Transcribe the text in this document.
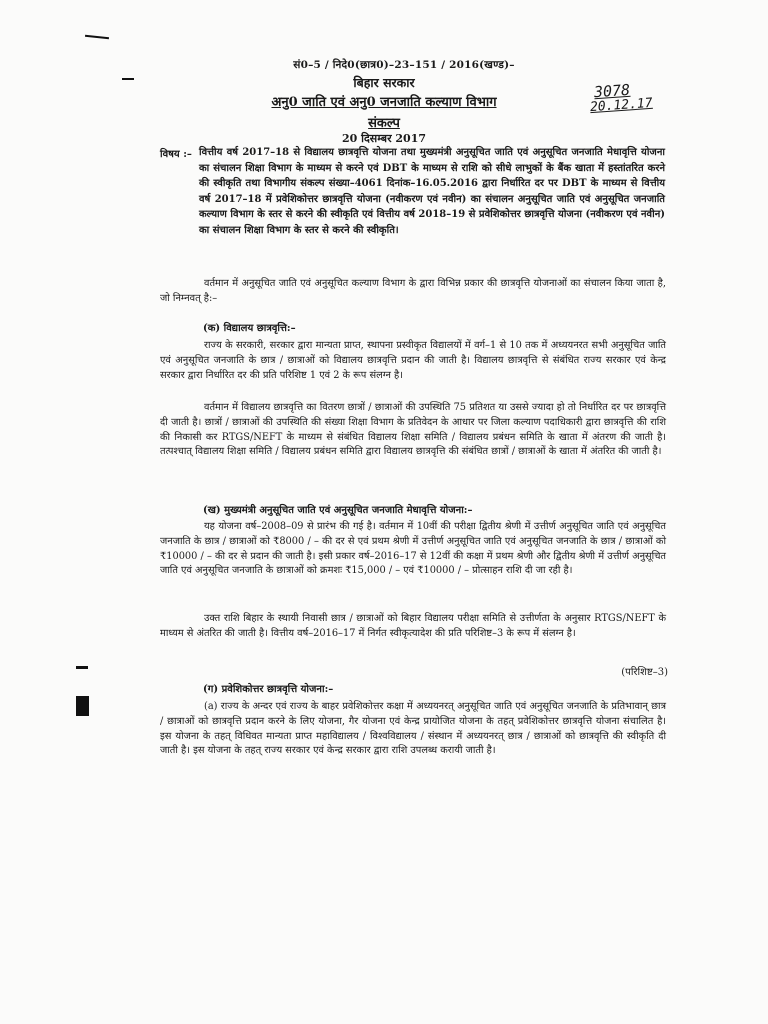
सं0–5 / निदे0(छात्र0)–23–151 / 2016(खण्ड)–
बिहार सरकार
अनु0 जाति एवं अनु0 जनजाति कल्याण विभाग
संकल्प
20 दिसम्बर 2017
3078
20.12.17
विषय :– वित्तीय वर्ष 2017–18 से विद्यालय छात्रवृत्ति योजना तथा मुख्यमंत्री अनुसूचित जाति एवं अनुसूचित जनजाति मेधावृत्ति योजना का संचालन शिक्षा विभाग के माध्यम से करने एवं DBT के माध्यम से राशि को सीधे लाभुकों के बैंक खाता में हस्तांतरित करने की स्वीकृति तथा विभागीय संकल्प संख्या–4061 दिनांक–16.05.2016 द्वारा निर्धारित दर पर DBT के माध्यम से वित्तीय वर्ष 2017–18 में प्रवेशिकोत्तर छात्रवृत्ति योजना (नवीकरण एवं नवीन) का संचालन अनुसूचित जाति एवं अनुसूचित जनजाति कल्याण विभाग के स्तर से करने की स्वीकृति एवं वित्तीय वर्ष 2018–19 से प्रवेशिकोत्तर छात्रवृत्ति योजना (नवीकरण एवं नवीन) का संचालन शिक्षा विभाग के स्तर से करने की स्वीकृति।
वर्तमान में अनुसूचित जाति एवं अनुसूचित कल्याण विभाग के द्वारा विभिन्न प्रकार की छात्रवृत्ति योजनाओं का संचालन किया जाता है, जो निम्नवत् है:–
(क) विद्यालय छात्रवृत्ति:–
राज्य के सरकारी, सरकार द्वारा मान्यता प्राप्त, स्थापना प्रस्वीकृत विद्यालयों में वर्ग–1 से 10 तक में अध्ययनरत सभी अनुसूचित जाति एवं अनुसूचित जनजाति के छात्र / छात्राओं को विद्यालय छात्रवृत्ति प्रदान की जाती है। विद्यालय छात्रवृत्ति से संबंधित राज्य सरकार एवं केन्द्र सरकार द्वारा निर्धारित दर की प्रति परिशिष्ट 1 एवं 2 के रूप संलग्न है।
वर्तमान में विद्यालय छात्रवृत्ति का वितरण छात्रों / छात्राओं की उपस्थिति 75 प्रतिशत या उससे ज्यादा हो तो निर्धारित दर पर छात्रवृत्ति दी जाती है। छात्रों / छात्राओं की उपस्थिति की संख्या शिक्षा विभाग के प्रतिवेदन के आधार पर जिला कल्याण पदाधिकारी द्वारा छात्रवृत्ति की राशि की निकासी कर RTGS/NEFT के माध्यम से संबंधित विद्यालय शिक्षा समिति / विद्यालय प्रबंधन समिति के खाता में अंतरण की जाती है। तत्पश्चात् विद्यालय शिक्षा समिति / विद्यालय प्रबंधन समिति द्वारा विद्यालय छात्रवृत्ति की संबंधित छात्रों / छात्राओं के खाता में अंतरित की जाती है।
(ख) मुख्यमंत्री अनुसूचित जाति एवं अनुसूचित जनजाति मेधावृत्ति योजना:–
यह योजना वर्ष–2008–09 से प्रारंभ की गई है। वर्तमान में 10वीं की परीक्षा द्वितीय श्रेणी में उत्तीर्ण अनुसूचित जाति एवं अनुसूचित जनजाति के छात्र / छात्राओं को ₹8000 / – की दर से एवं प्रथम श्रेणी में उत्तीर्ण अनुसूचित जाति एवं अनुसूचित जनजाति के छात्र / छात्राओं को ₹10000 / – की दर से प्रदान की जाती है। इसी प्रकार वर्ष–2016–17 से 12वीं की कक्षा में प्रथम श्रेणी और द्वितीय श्रेणी में उत्तीर्ण अनुसूचित जाति एवं अनुसूचित जनजाति के छात्राओं को क्रमशः ₹15,000 / – एवं ₹10000 / – प्रोत्साहन राशि दी जा रही है।
उक्त राशि बिहार के स्थायी निवासी छात्र / छात्राओं को बिहार विद्यालय परीक्षा समिति से उत्तीर्णता के अनुसार RTGS/NEFT के माध्यम से अंतरित की जाती है। वित्तीय वर्ष–2016–17 में निर्गत स्वीकृत्यादेश की प्रति परिशिष्ट–3 के रूप में संलग्न है।
(परिशिष्ट–3)
(ग) प्रवेशिकोत्तर छात्रवृत्ति योजना:–
(a) राज्य के अन्दर एवं राज्य के बाहर प्रवेशिकोत्तर कक्षा में अध्ययनरत् अनुसूचित जाति एवं अनुसूचित जनजाति के प्रतिभावान् छात्र / छात्राओं को छात्रवृत्ति प्रदान करने के लिए योजना, गैर योजना एवं केन्द्र प्रायोजित योजना के तहत् प्रवेशिकोत्तर छात्रवृत्ति योजना संचालित है। इस योजना के तहत् विधिवत मान्यता प्राप्त महाविद्यालय / विश्वविद्यालय / संस्थान में अध्ययनरत् छात्र / छात्राओं को छात्रवृत्ति की स्वीकृति दी जाती है। इस योजना के तहत् राज्य सरकार एवं केन्द्र सरकार द्वारा राशि उपलब्ध करायी जाती है।
